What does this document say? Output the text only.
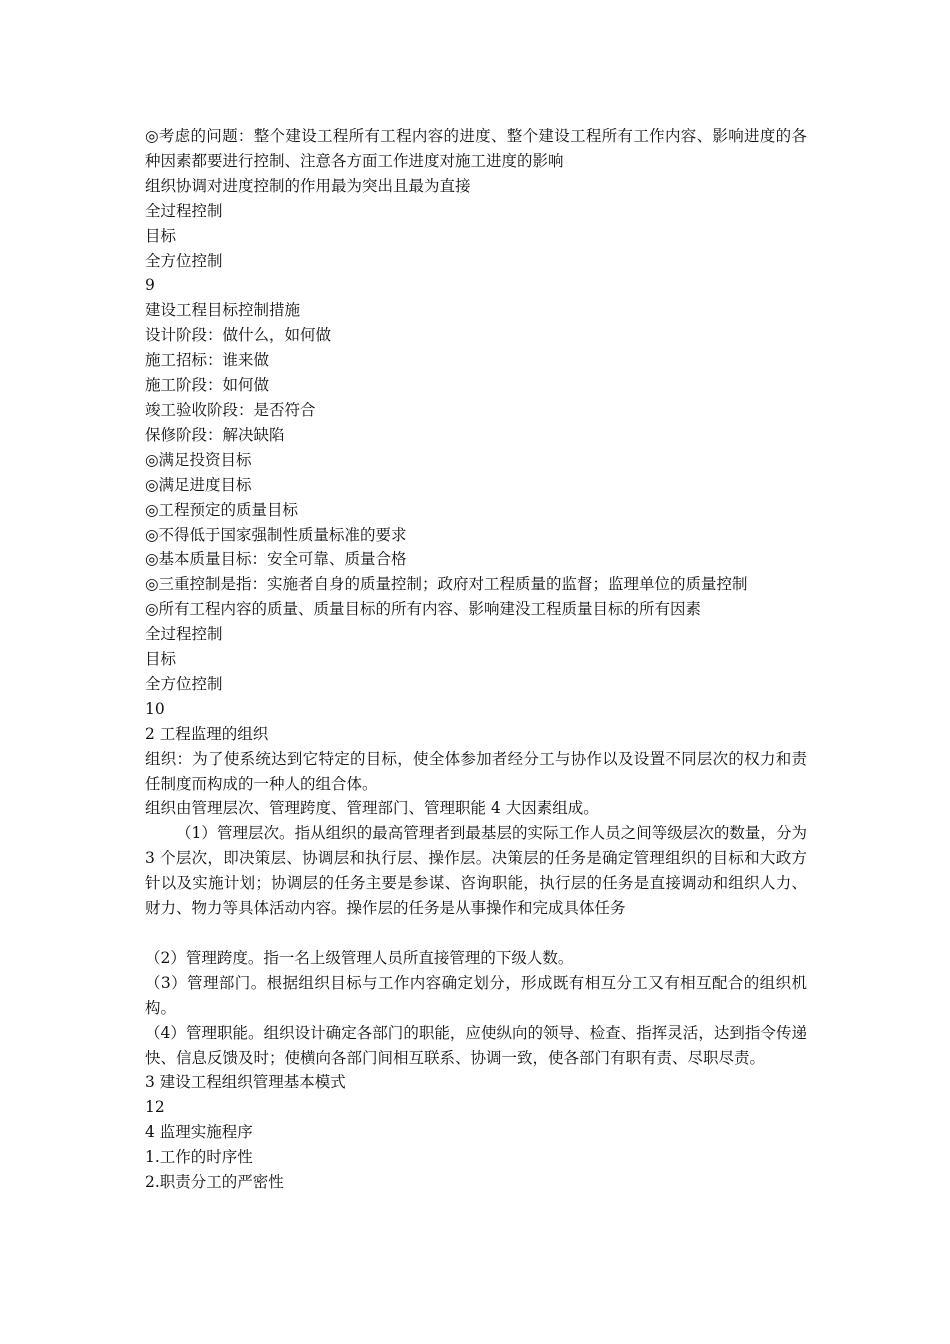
◎考虑的问题：整个建设工程所有工程内容的进度、整个建设工程所有工作内容、影响进度的各种因素都要进行控制、注意各方面工作进度对施工进度的影响

组织协调对进度控制的作用最为突出且最为直接

全过程控制

目标

全方位控制

9

建设工程目标控制措施

设计阶段：做什么，如何做

施工招标：谁来做

施工阶段：如何做

竣工验收阶段：是否符合

保修阶段：解决缺陷

◎满足投资目标

◎满足进度目标

◎工程预定的质量目标

◎不得低于国家强制性质量标准的要求

◎基本质量目标：安全可靠、质量合格

◎三重控制是指：实施者自身的质量控制；政府对工程质量的监督；监理单位的质量控制

◎所有工程内容的质量、质量目标的所有内容、影响建没工程质量目标的所有因素

全过程控制

目标

全方位控制

10

2 工程监理的组织

组织：为了使系统达到它特定的目标，使全体参加者经分工与协作以及设置不同层次的权力和责任制度而构成的一种人的组合体。

组织由管理层次、管理跨度、管理部门、管理职能 4 大因素组成。

（1）管理层次。指从组织的最高管理者到最基层的实际工作人员之间等级层次的数量，分为 3 个层次，即决策层、协调层和执行层、操作层。决策层的任务是确定管理组织的目标和大政方针以及实施计划；协调层的任务主要是参谋、咨询职能，执行层的任务是直接调动和组织人力、财力、物力等具体活动内容。操作层的任务是从事操作和完成具体任务

（2）管理跨度。指一名上级管理人员所直接管理的下级人数。

（3）管理部门。根据组织目标与工作内容确定划分，形成既有相互分工又有相互配合的组织机构。

（4）管理职能。组织设计确定各部门的职能，应使纵向的领导、检查、指挥灵活，达到指令传递快、信息反馈及时；使横向各部门间相互联系、协调一致，使各部门有职有责、尽职尽责。

3 建设工程组织管理基本模式

12

4 监理实施程序

1.工作的时序性

2.职责分工的严密性
